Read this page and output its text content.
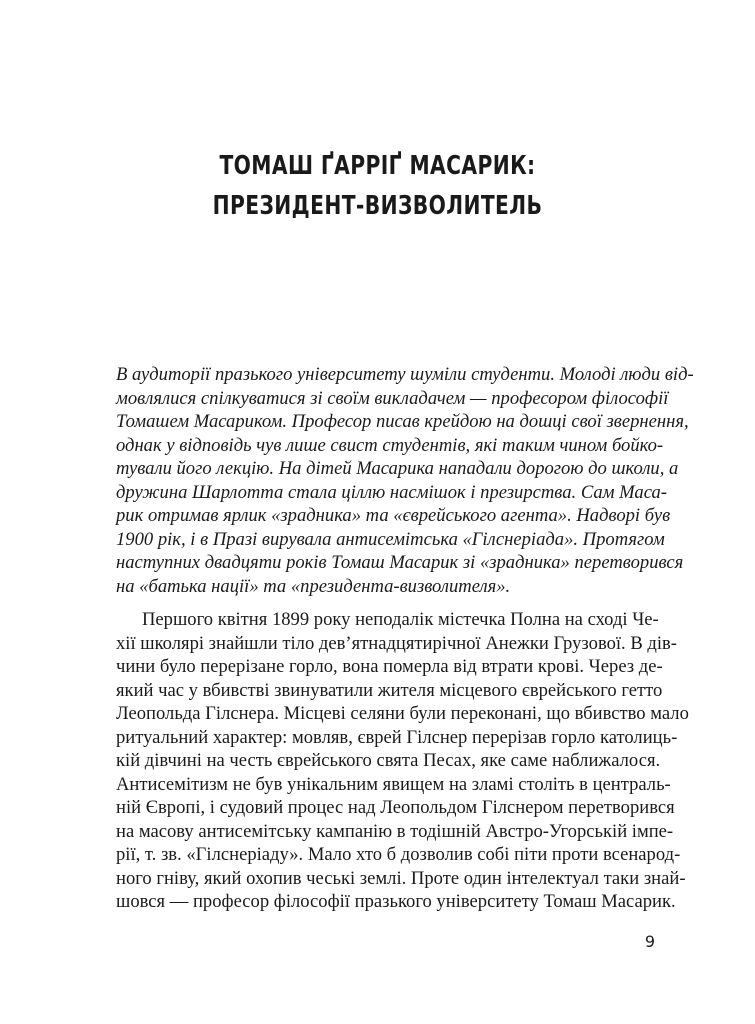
ТОМАШ ҐАРРІҐ МАСАРИК:
ПРЕЗИДЕНТ-ВИЗВОЛИТЕЛЬ
В аудиторії празького університету шуміли студенти. Молоді люди від-
мовлялися спілкуватися зі своїм викладачем — професором філософії
Томашем Масариком. Професор писав крейдою на дошці свої звернення,
однак у відповідь чув лише свист студентів, які таким чином бойко-
тували його лекцію. На дітей Масарика нападали дорогою до школи, а
дружина Шарлотта стала ціллю насмішок і презирства. Сам Маса-
рик отримав ярлик «зрадника» та «єврейського агента». Надворі був
1900 рік, і в Празі вирувала антисемітська «Гілснеріада». Протягом
наступних двадцяти років Томаш Масарик зі «зрадника» перетворився
на «батька нації» та «президента-визволителя».
Першого квітня 1899 року неподалік містечка Полна на сході Че-
хії школярі знайшли тіло дев’ятнадцятирічної Анежки Грузової. В дів-
чини було перерізане горло, вона померла від втрати крові. Через де-
який час у вбивстві звинуватили жителя місцевого єврейського гетто
Леопольда Гілснера. Місцеві селяни були переконані, що вбивство мало
ритуальний характер: мовляв, єврей Гілснер перерізав горло католиць-
кій дівчині на честь єврейського свята Песах, яке саме наближалося.
Антисемітизм не був унікальним явищем на зламі століть в централь-
ній Європі, і судовий процес над Леопольдом Гілснером перетворився
на масову антисемітську кампанію в тодішній Австро-Угорській імпе-
рії, т. зв. «Гілснеріаду». Мало хто б дозволив собі піти проти всенарод-
ного гніву, який охопив чеські землі. Проте один інтелектуал таки знай-
шовся — професор філософії празького університету Томаш Масарик.

9
